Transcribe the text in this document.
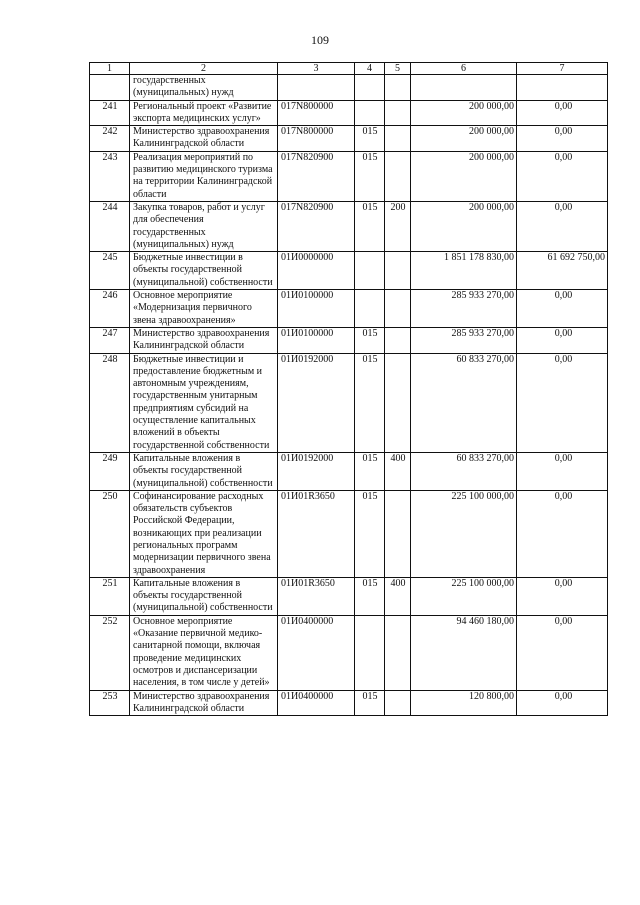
109
1	2	3	4	5	6	7
	государственных (муниципальных) нужд					
241	Региональный проект «Развитие экспорта медицинских услуг»	017N800000			200 000,00	0,00
242	Министерство здравоохранения Калининградской области	017N800000	015		200 000,00	0,00
243	Реализация мероприятий по развитию медицинского туризма на территории Калининградской области	017N820900	015		200 000,00	0,00
244	Закупка товаров, работ и услуг для обеспечения государственных (муниципальных) нужд	017N820900	015	200	200 000,00	0,00
245	Бюджетные инвестиции в объекты государственной (муниципальной) собственности	01И0000000			1 851 178 830,00	61 692 750,00
246	Основное мероприятие «Модернизация первичного звена здравоохранения»	01И0100000			285 933 270,00	0,00
247	Министерство здравоохранения Калининградской области	01И0100000	015		285 933 270,00	0,00
248	Бюджетные инвестиции и предоставление бюджетным и автономным учреждениям, государственным унитарным предприятиям субсидий на осуществление капитальных вложений в объекты государственной собственности	01И0192000	015		60 833 270,00	0,00
249	Капитальные вложения в объекты государственной (муниципальной) собственности	01И0192000	015	400	60 833 270,00	0,00
250	Софинансирование расходных обязательств субъектов Российской Федерации, возникающих при реализации региональных программ модернизации первичного звена здравоохранения	01И01R3650	015		225 100 000,00	0,00
251	Капитальные вложения в объекты государственной (муниципальной) собственности	01И01R3650	015	400	225 100 000,00	0,00
252	Основное мероприятие «Оказание первичной медико-санитарной помощи, включая проведение медицинских осмотров и диспансеризации населения, в том числе у детей»	01И0400000			94 460 180,00	0,00
253	Министерство здравоохранения Калининградской области	01И0400000	015		120 800,00	0,00
